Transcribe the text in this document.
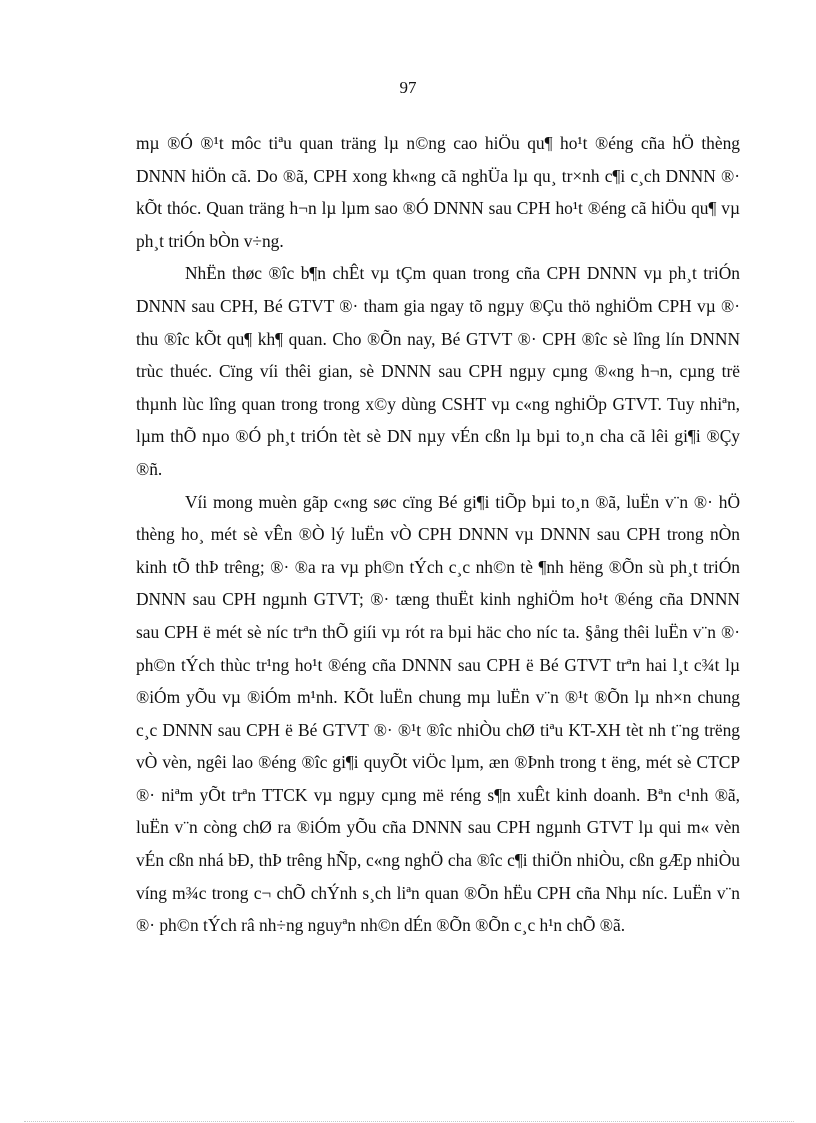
97

mµ ®Ó ®¹t môc tiªu quan träng lµ n©ng cao hiÖu qu¶ ho¹t ®éng cña hÖ thèng DNNN hiÖn cã. Do ®ã, CPH xong kh«ng cã nghÜa lµ qu¸ tr×nh c¶i c¸ch DNNN ®· kÕt thóc. Quan träng h¬n lµ lµm sao ®Ó DNNN sau CPH ho¹t ®éng cã hiÖu qu¶ vµ ph¸t triÓn bÒn v÷ng.

NhËn thøc ®îc b¶n chÊt vµ tÇm quan trong cña CPH DNNN vµ ph¸t triÓn DNNN sau CPH, Bé GTVT ®· tham gia ngay tõ ngµy ®Çu thö nghiÖm CPH vµ ®· thu ®îc kÕt qu¶ kh¶ quan. Cho ®Õn nay, Bé GTVT ®· CPH ®îc sè lîng lín DNNN trùc thuéc. Cïng víi thêi gian, sè DNNN sau CPH ngµy cµng ®«ng h¬n, cµng trë thµnh lùc lîng quan trong trong x©y dùng CSHT vµ c«ng nghiÖp GTVT. Tuy nhiªn, lµm thÕ nµo ®Ó ph¸t triÓn tèt sè DN nµy vÉn cßn lµ bµi to¸n cha cã lêi gi¶i ®Çy ®ñ.

Víi mong muèn gãp c«ng søc cïng Bé gi¶i tiÕp bµi to¸n ®ã, luËn v¨n ®· hÖ thèng ho¸ mét sè vÊn ®Ò lý luËn vÒ CPH DNNN vµ DNNN sau CPH trong nÒn kinh tÕ thÞ trêng; ®· ®a ra vµ ph©n tÝch c¸c nh©n tè ¶nh hëng ®Õn sù ph¸t triÓn DNNN sau CPH ngµnh GTVT; ®· tæng thuËt kinh nghiÖm ho¹t ®éng cña DNNN sau CPH ë mét sè níc trªn thÕ giíi vµ rót ra bµi häc cho níc ta. §ång thêi luËn v¨n ®· ph©n tÝch thùc tr¹ng ho¹t ®éng cña DNNN sau CPH ë Bé GTVT trªn hai l¸t c¾t lµ ®iÓm yÕu vµ ®iÓm m¹nh. KÕt luËn chung mµ luËn v¨n ®¹t ®Õn lµ nh×n chung c¸c DNNN sau CPH ë Bé GTVT ®· ®¹t ®îc nhiÒu chØ tiªu KT-XH tèt nh t¨ng trëng vÒ vèn, ngêi lao ®éng ®îc gi¶i quyÕt viÖc lµm, æn ®Þnh trong t ëng, mét sè CTCP ®· niªm yÕt trªn TTCK vµ ngµy cµng më réng s¶n xuÊt kinh doanh. Bªn c¹nh ®ã, luËn v¨n còng chØ ra ®iÓm yÕu cña DNNN sau CPH ngµnh GTVT lµ qui m« vèn vÉn cßn nhá bÐ, thÞ trêng hÑp, c«ng nghÖ cha ®îc c¶i thiÖn nhiÒu, cßn gÆp nhiÒu víng m¾c trong c¬ chÕ chÝnh s¸ch liªn quan ®Õn hËu CPH cña Nhµ níc. LuËn v¨n ®· ph©n tÝch râ nh÷ng nguyªn nh©n dÉn ®Õn ®Õn c¸c h¹n chÕ ®ã.
